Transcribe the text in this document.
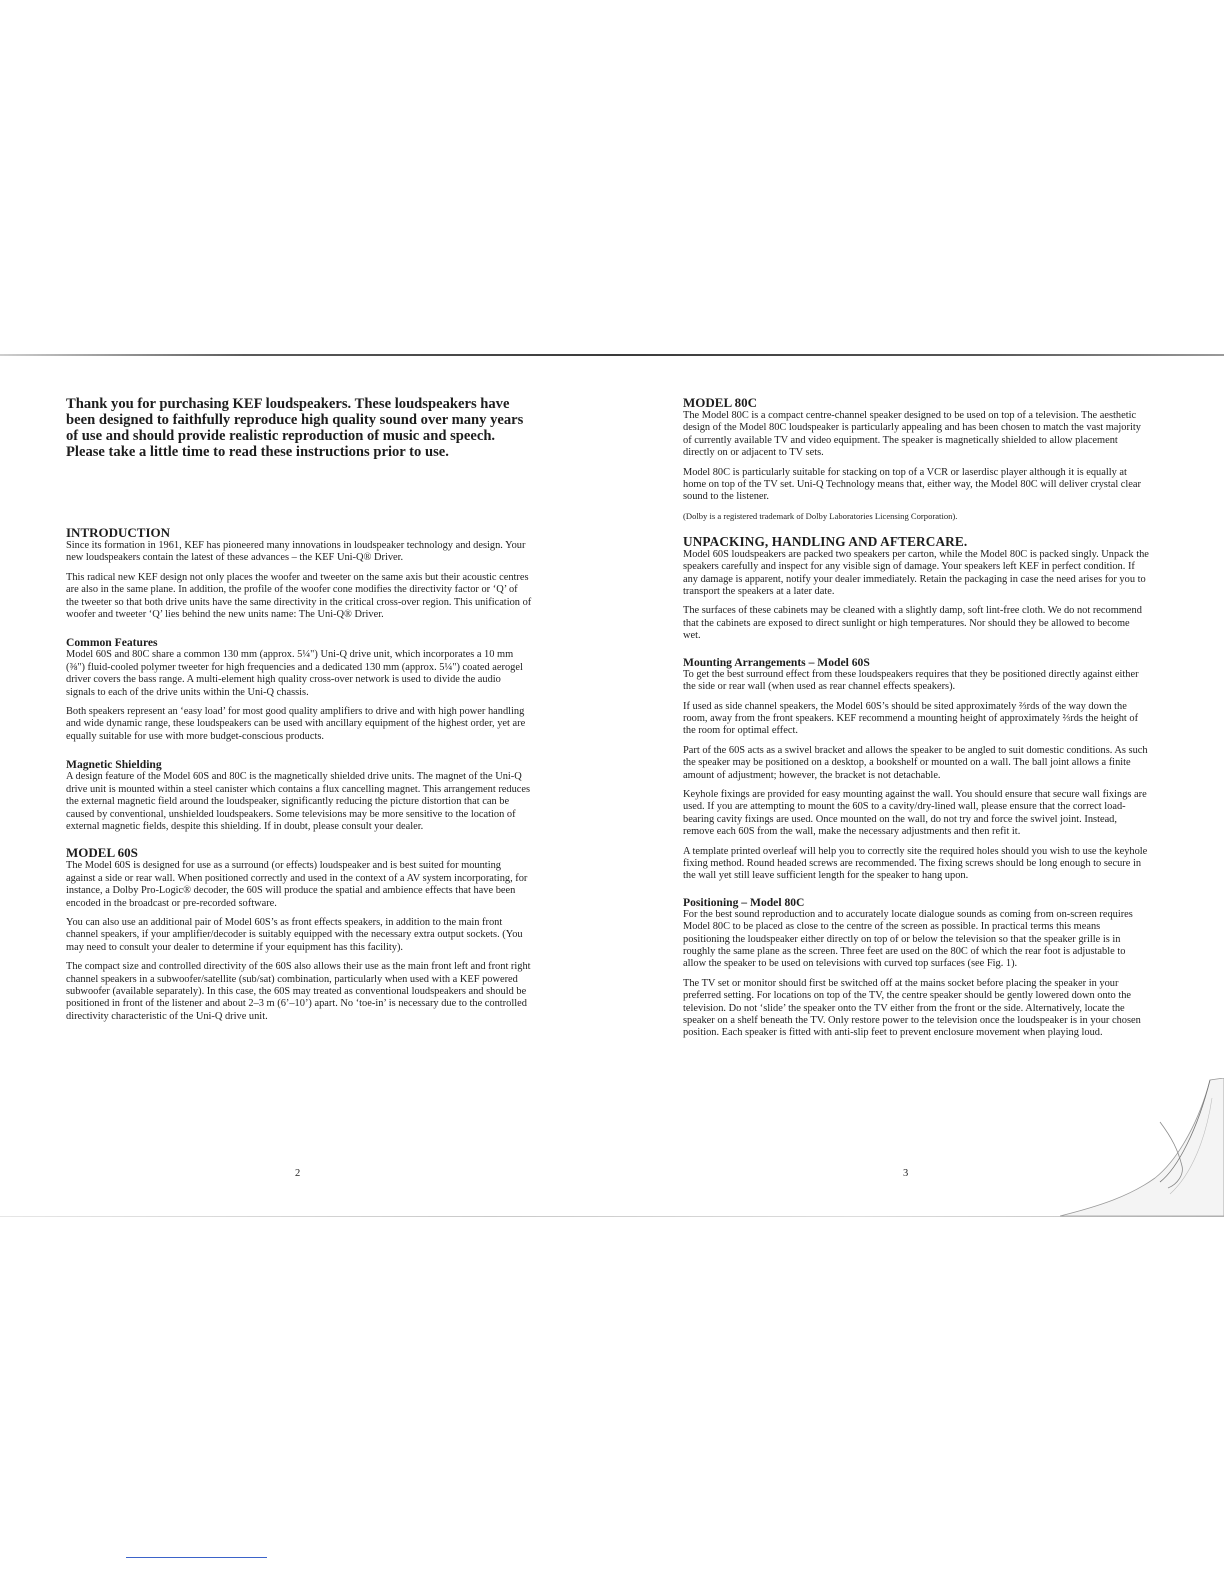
Thank you for purchasing KEF loudspeakers. These loudspeakers have been designed to faithfully reproduce high quality sound over many years of use and should provide realistic reproduction of music and speech. Please take a little time to read these instructions prior to use.
INTRODUCTION

Since its formation in 1961, KEF has pioneered many innovations in loudspeaker technology and design. Your new loudspeakers contain the latest of these advances – the KEF Uni-Q® Driver.

This radical new KEF design not only places the woofer and tweeter on the same axis but their acoustic centres are also in the same plane. In addition, the profile of the woofer cone modifies the directivity factor or ‘Q’ of the tweeter so that both drive units have the same directivity in the critical cross-over region. This unification of woofer and tweeter ‘Q’ lies behind the new units name: The Uni-Q® Driver.

Common Features

Model 60S and 80C share a common 130 mm (approx. 5¼") Uni-Q drive unit, which incorporates a 10 mm (⅜") fluid-cooled polymer tweeter for high frequencies and a dedicated 130 mm (approx. 5¼") coated aerogel driver covers the bass range. A multi-element high quality cross-over network is used to divide the audio signals to each of the drive units within the Uni-Q chassis.

Both speakers represent an ‘easy load’ for most good quality amplifiers to drive and with high power handling and wide dynamic range, these loudspeakers can be used with ancillary equipment of the highest order, yet are equally suitable for use with more budget-conscious products.

Magnetic Shielding

A design feature of the Model 60S and 80C is the magnetically shielded drive units. The magnet of the Uni-Q drive unit is mounted within a steel canister which contains a flux cancelling magnet. This arrangement reduces the external magnetic field around the loudspeaker, significantly reducing the picture distortion that can be caused by conventional, unshielded loudspeakers. Some televisions may be more sensitive to the location of external magnetic fields, despite this shielding. If in doubt, please consult your dealer.

MODEL 60S

The Model 60S is designed for use as a surround (or effects) loudspeaker and is best suited for mounting against a side or rear wall. When positioned correctly and used in the context of a AV system incorporating, for instance, a Dolby Pro-Logic® decoder, the 60S will produce the spatial and ambience effects that have been encoded in the broadcast or pre-recorded software.

You can also use an additional pair of Model 60S’s as front effects speakers, in addition to the main front channel speakers, if your amplifier/decoder is suitably equipped with the necessary extra output sockets. (You may need to consult your dealer to determine if your equipment has this facility).

The compact size and controlled directivity of the 60S also allows their use as the main front left and front right channel speakers in a subwoofer/satellite (sub/sat) combination, particularly when used with a KEF powered subwoofer (available separately). In this case, the 60S may treated as conventional loudspeakers and should be positioned in front of the listener and about 2–3 m (6’–10’) apart. No ‘toe-in’ is necessary due to the controlled directivity characteristic of the Uni-Q drive unit.

2
MODEL 80C

The Model 80C is a compact centre-channel speaker designed to be used on top of a television. The aesthetic design of the Model 80C loudspeaker is particularly appealing and has been chosen to match the vast majority of currently available TV and video equipment. The speaker is magnetically shielded to allow placement directly on or adjacent to TV sets.

Model 80C is particularly suitable for stacking on top of a VCR or laserdisc player although it is equally at home on top of the TV set. Uni-Q Technology means that, either way, the Model 80C will deliver crystal clear sound to the listener.

(Dolby is a registered trademark of Dolby Laboratories Licensing Corporation).

UNPACKING, HANDLING AND AFTERCARE.

Model 60S loudspeakers are packed two speakers per carton, while the Model 80C is packed singly. Unpack the speakers carefully and inspect for any visible sign of damage. Your speakers left KEF in perfect condition. If any damage is apparent, notify your dealer immediately. Retain the packaging in case the need arises for you to transport the speakers at a later date.

The surfaces of these cabinets may be cleaned with a slightly damp, soft lint-free cloth. We do not recommend that the cabinets are exposed to direct sunlight or high temperatures. Nor should they be allowed to become wet.

Mounting Arrangements – Model 60S

To get the best surround effect from these loudspeakers requires that they be positioned directly against either the side or rear wall (when used as rear channel effects speakers).

If used as side channel speakers, the Model 60S’s should be sited approximately ⅔rds of the way down the room, away from the front speakers. KEF recommend a mounting height of approximately ⅔rds the height of the room for optimal effect.

Part of the 60S acts as a swivel bracket and allows the speaker to be angled to suit domestic conditions. As such the speaker may be positioned on a desktop, a bookshelf or mounted on a wall. The ball joint allows a finite amount of adjustment; however, the bracket is not detachable.

Keyhole fixings are provided for easy mounting against the wall. You should ensure that secure wall fixings are used. If you are attempting to mount the 60S to a cavity/dry-lined wall, please ensure that the correct load-bearing cavity fixings are used. Once mounted on the wall, do not try and force the swivel joint. Instead, remove each 60S from the wall, make the necessary adjustments and then refit it.

A template printed overleaf will help you to correctly site the required holes should you wish to use the keyhole fixing method. Round headed screws are recommended. The fixing screws should be long enough to secure in the wall yet still leave sufficient length for the speaker to hang upon.

Positioning – Model 80C

For the best sound reproduction and to accurately locate dialogue sounds as coming from on-screen requires Model 80C to be placed as close to the centre of the screen as possible. In practical terms this means positioning the loudspeaker either directly on top of or below the television so that the speaker grille is in roughly the same plane as the screen. Three feet are used on the 80C of which the rear foot is adjustable to allow the speaker to be used on televisions with curved top surfaces (see Fig. 1).

The TV set or monitor should first be switched off at the mains socket before placing the speaker in your preferred setting. For locations on top of the TV, the centre speaker should be gently lowered down onto the television. Do not ‘slide’ the speaker onto the TV either from the front or the side. Alternatively, locate the speaker on a shelf beneath the TV. Only restore power to the television once the loudspeaker is in your chosen position. Each speaker is fitted with anti-slip feet to prevent enclosure movement when playing loud.

3
